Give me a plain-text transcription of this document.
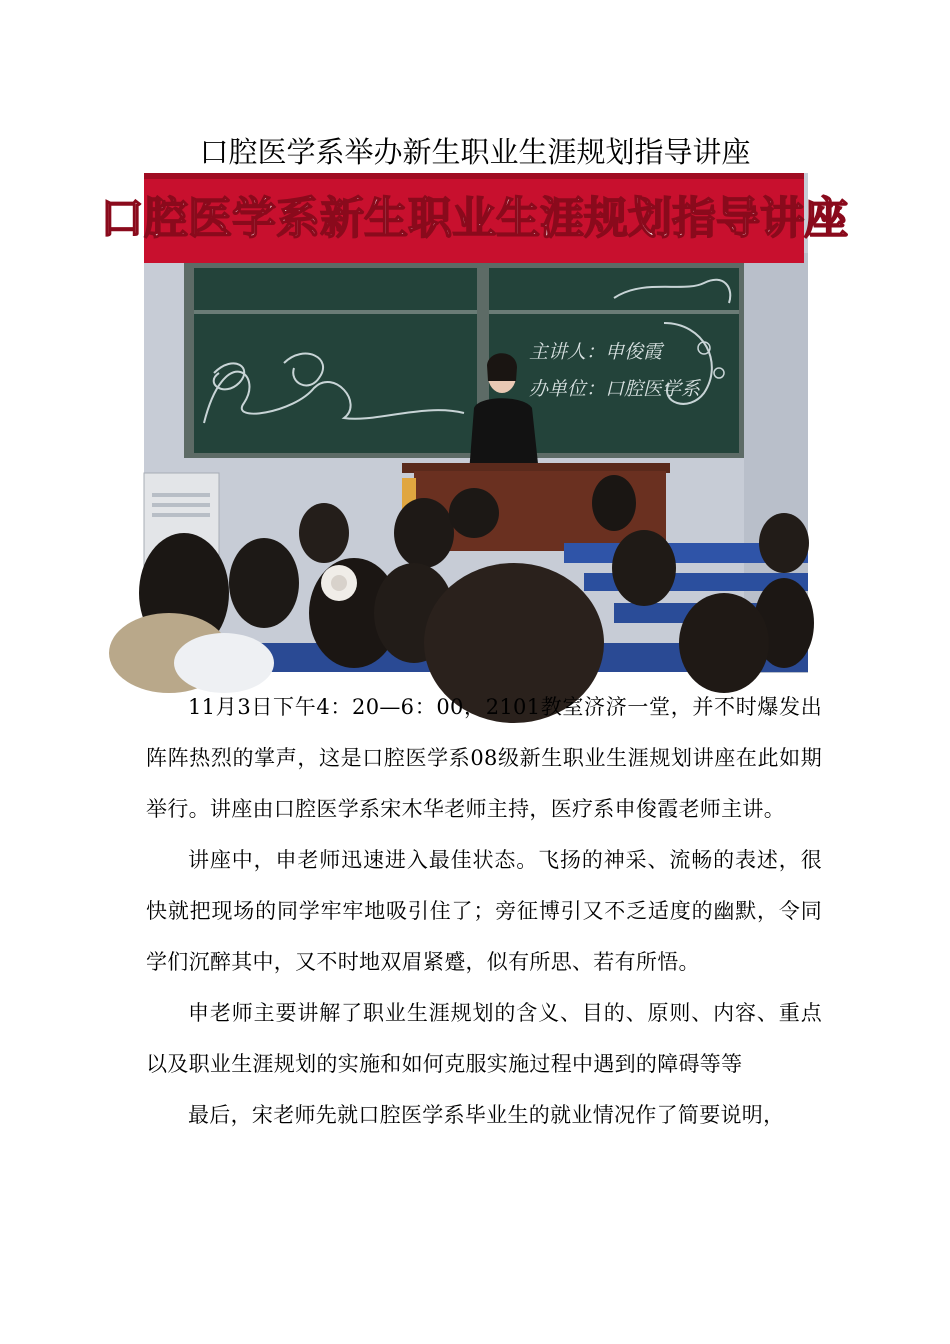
口腔医学系举办新生职业生涯规划指导讲座
口腔医学系新生职业生涯规划指导讲座
主讲人：申俊霞
办单位：口腔医学系

11月3日下午4：20—6：00，2101教室济济一堂，并不时爆发出阵阵热烈的掌声，这是口腔医学系08级新生职业生涯规划讲座在此如期举行。讲座由口腔医学系宋木华老师主持，医疗系申俊霞老师主讲。

讲座中，申老师迅速进入最佳状态。飞扬的神采、流畅的表述，很快就把现场的同学牢牢地吸引住了；旁征博引又不乏适度的幽默，令同学们沉醉其中，又不时地双眉紧蹙，似有所思、若有所悟。

申老师主要讲解了职业生涯规划的含义、目的、原则、内容、重点以及职业生涯规划的实施和如何克服实施过程中遇到的障碍等等

最后，宋老师先就口腔医学系毕业生的就业情况作了简要说明，
